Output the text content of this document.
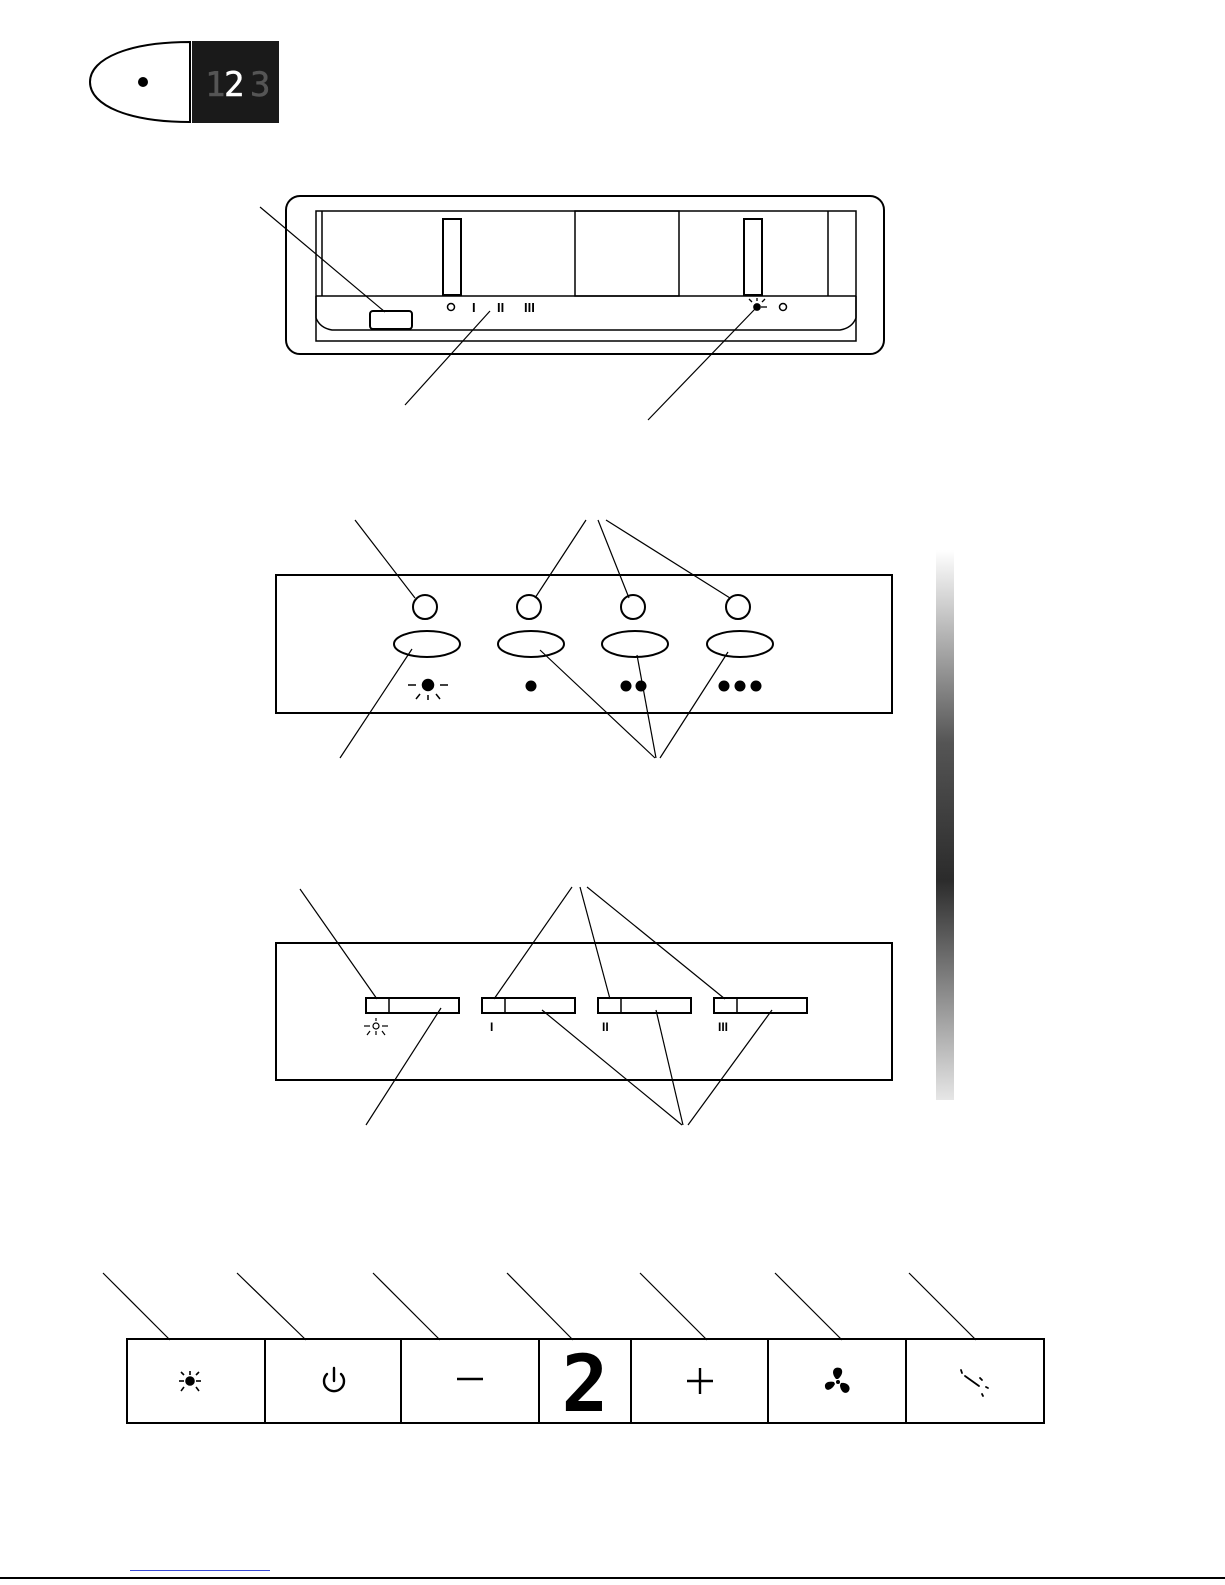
1
2 3
I II III
I	II	III
2
